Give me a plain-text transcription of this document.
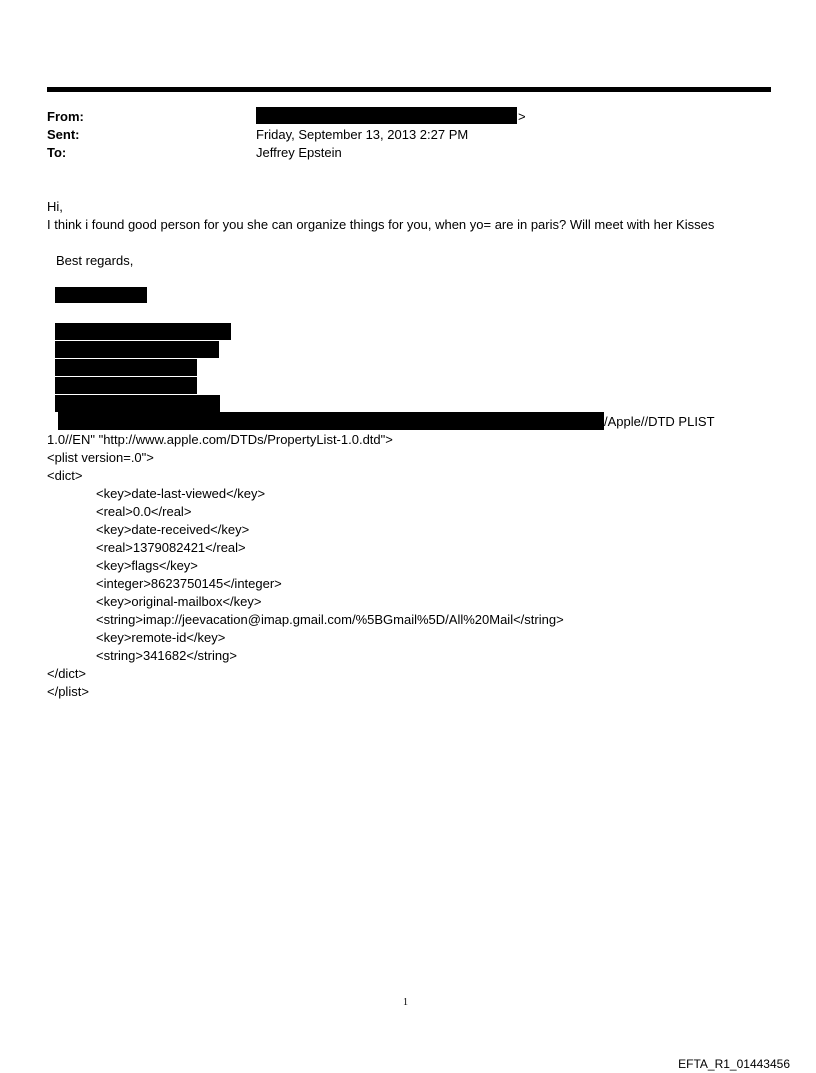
From:	>
Sent:	Friday, September 13, 2013 2:27 PM
To:	Jeffrey Epstein
Hi,
I think i found good person for you she can organize things for you, when yo= are in paris? Will meet with her Kisses
Best regards,
/Apple//DTD PLIST
1.0//EN" "http://www.apple.com/DTDs/PropertyList-1.0.dtd">
<plist version=.0">
<dict>
<key>date-last-viewed</key>
<real>0.0</real>
<key>date-received</key>
<real>1379082421</real>
<key>flags</key>
<integer>8623750145</integer>
<key>original-mailbox</key>
<string>imap://jeevacation@imap.gmail.com/%5BGmail%5D/All%20Mail</string>
<key>remote-id</key>
<string>341682</string>
</dict>
</plist>
1
EFTA_R1_01443456
